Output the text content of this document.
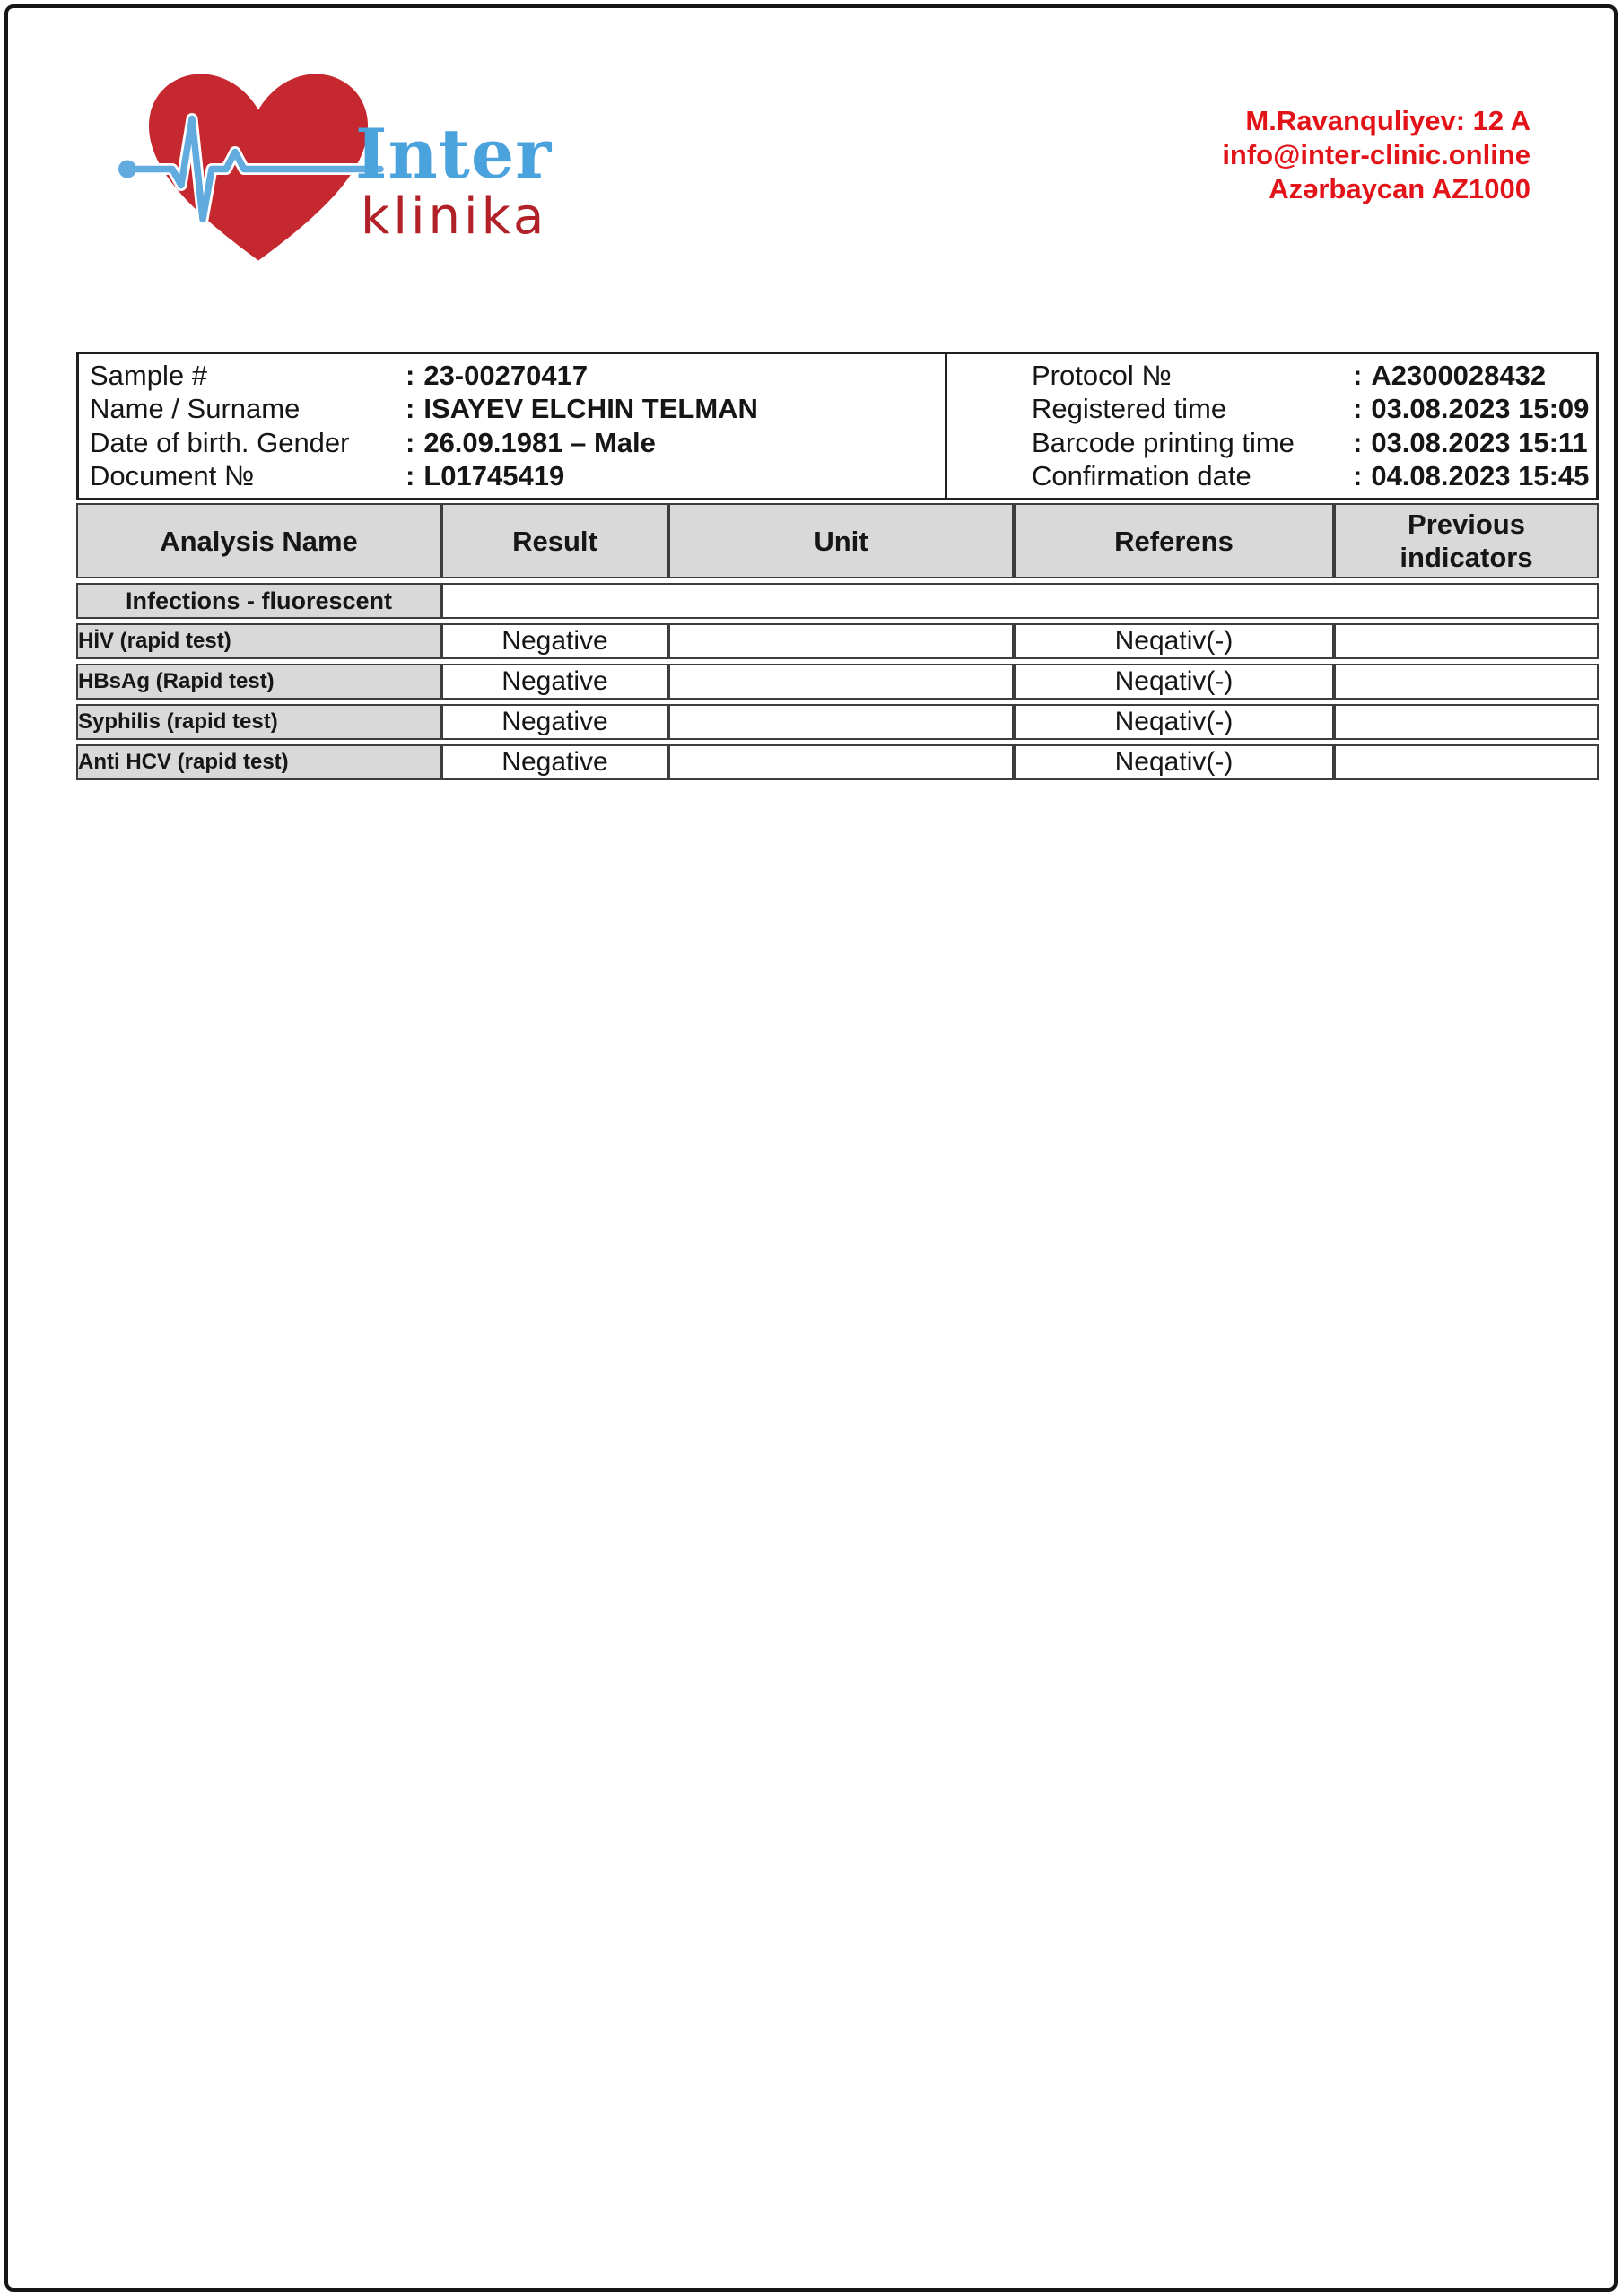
Inter
klinika
M.Ravanquliyev: 12 A
info@inter-clinic.online
Azərbaycan AZ1000
Sample #	: 23-00270417
Name / Surname	: ISAYEV ELCHIN TELMAN
Date of birth. Gender	: 26.09.1981 – Male
Document №	: L01745419
Protocol №	: A2300028432
Registered time	: 03.08.2023 15:09
Barcode printing time	: 03.08.2023 15:11
Confirmation date	: 04.08.2023 15:45
Analysis Name	Result	Unit	Referens	Previous indicators
Infections - fluorescent				
HİV (rapid test)	Negative		Neqativ(-)	
HBsAg (Rapid test)	Negative		Neqativ(-)	
Syphilis (rapid test)	Negative		Neqativ(-)	
Anti HCV (rapid test)	Negative		Neqativ(-)	
